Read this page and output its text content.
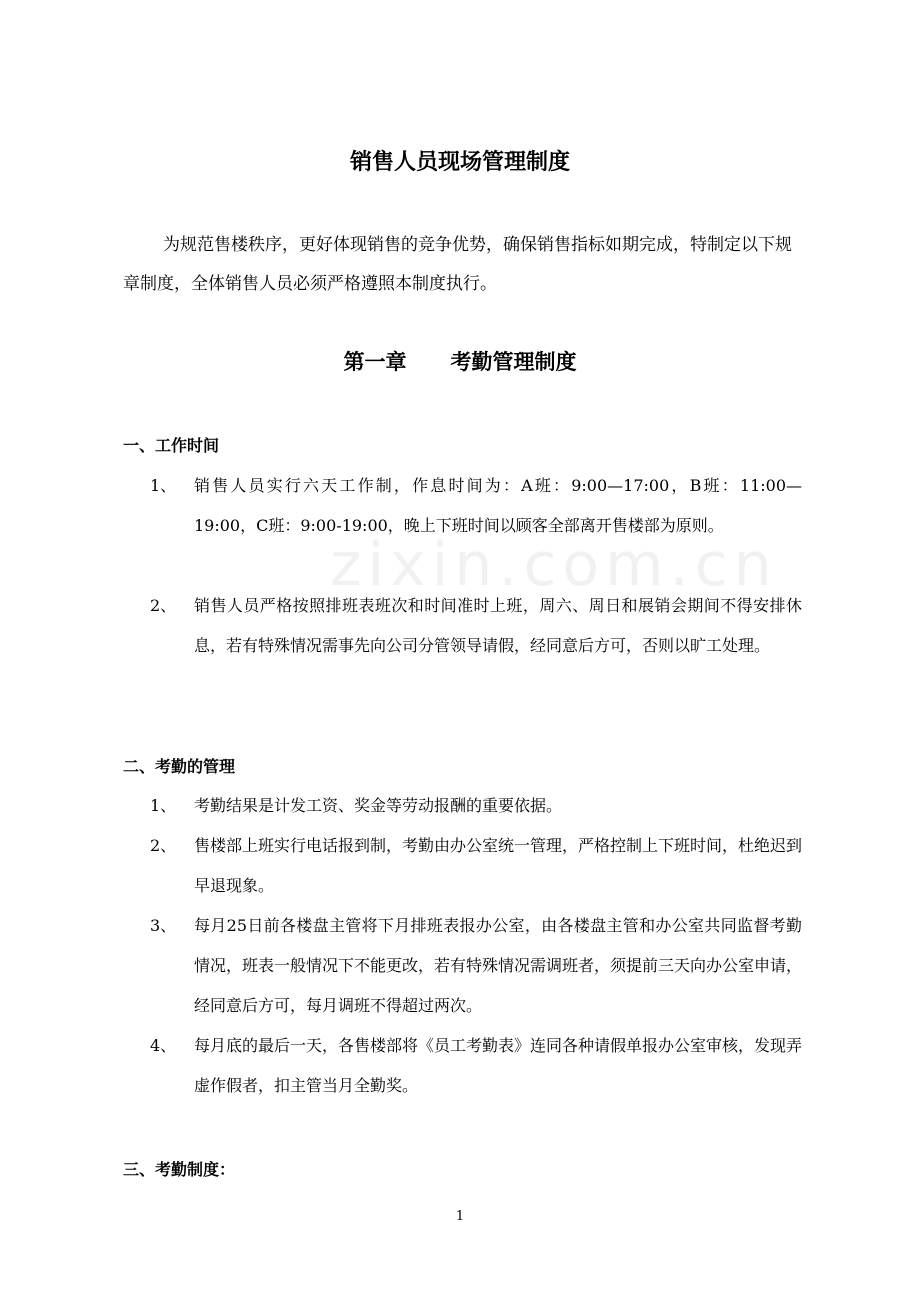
zixin.com.cn
销售人员现场管理制度

为规范售楼秩序，更好体现销售的竞争优势，确保销售指标如期完成，特制定以下规章制度，全体销售人员必须严格遵照本制度执行。

第一章 考勤管理制度
一、工作时间
1、 销售人员实行六天工作制，作息时间为：A班：9:00—17:00，B班：11:00—19:00，C班：9:00-19:00，晚上下班时间以顾客全部离开售楼部为原则。
2、 销售人员严格按照排班表班次和时间准时上班，周六、周日和展销会期间不得安排休息，若有特殊情况需事先向公司分管领导请假，经同意后方可，否则以旷工处理。
二、考勤的管理
1、 考勤结果是计发工资、奖金等劳动报酬的重要依据。
2、 售楼部上班实行电话报到制，考勤由办公室统一管理，严格控制上下班时间，杜绝迟到早退现象。
3、 每月25日前各楼盘主管将下月排班表报办公室，由各楼盘主管和办公室共同监督考勤情况，班表一般情况下不能更改，若有特殊情况需调班者，须提前三天向办公室申请，经同意后方可，每月调班不得超过两次。
4、 每月底的最后一天，各售楼部将《员工考勤表》连同各种请假单报办公室审核，发现弄虚作假者，扣主管当月全勤奖。
三、考勤制度：
1
